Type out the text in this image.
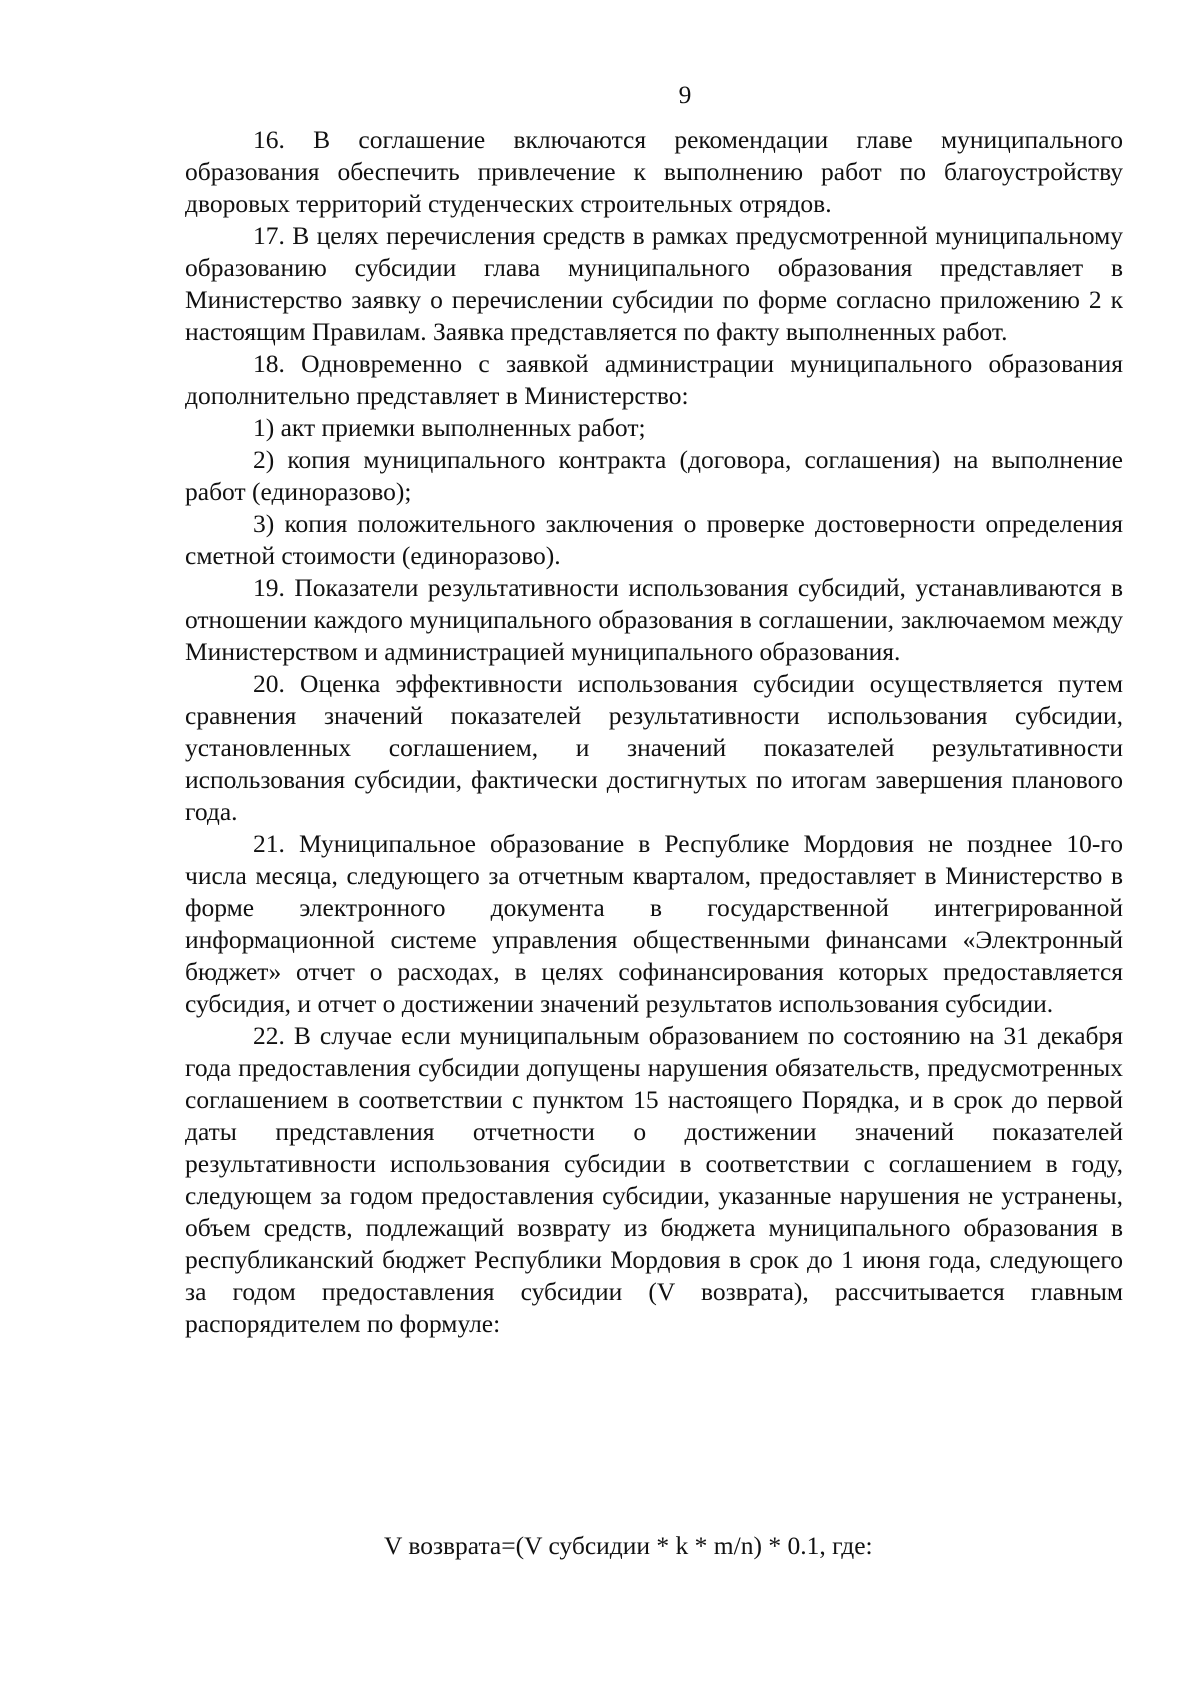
9

16. В соглашение включаются рекомендации главе муниципального образования обеспечить привлечение к выполнению работ по благоустройству дворовых территорий студенческих строительных отрядов.

17. В целях перечисления средств в рамках предусмотренной муниципальному образованию субсидии глава муниципального образования представляет в Министерство заявку о перечислении субсидии по форме согласно приложению 2 к настоящим Правилам. Заявка представляется по факту выполненных работ.

18. Одновременно с заявкой администрации муниципального образования дополнительно представляет в Министерство:

1) акт приемки выполненных работ;

2) копия муниципального контракта (договора, соглашения) на выполнение работ (единоразово);

3) копия положительного заключения о проверке достоверности определения сметной стоимости (единоразово).

19. Показатели результативности использования субсидий, устанавливаются в отношении каждого муниципального образования в соглашении, заключаемом между Министерством и администрацией муниципального образования.

20. Оценка эффективности использования субсидии осуществляется путем сравнения значений показателей результативности использования субсидии, установленных соглашением, и значений показателей результативности использования субсидии, фактически достигнутых по итогам завершения планового года.

21. Муниципальное образование в Республике Мордовия не позднее 10-го числа месяца, следующего за отчетным кварталом, предоставляет в Министерство в форме электронного документа в государственной интегрированной информационной системе управления общественными финансами «Электронный бюджет» отчет о расходах, в целях софинансирования которых предоставляется субсидия, и отчет о достижении значений результатов использования субсидии.

22. В случае если муниципальным образованием по состоянию на 31 декабря года предоставления субсидии допущены нарушения обязательств, предусмотренных соглашением в соответствии с пунктом 15 настоящего Порядка, и в срок до первой даты представления отчетности о достижении значений показателей результативности использования субсидии в соответствии с соглашением в году, следующем за годом предоставления субсидии, указанные нарушения не устранены, объем средств, подлежащий возврату из бюджета муниципального образования в республиканский бюджет Республики Мордовия в срок до 1 июня года, следующего за годом предоставления субсидии (V возврата), рассчитывается главным распорядителем по формуле:

V возврата=(V субсидии * k * m/n) * 0.1, где:
